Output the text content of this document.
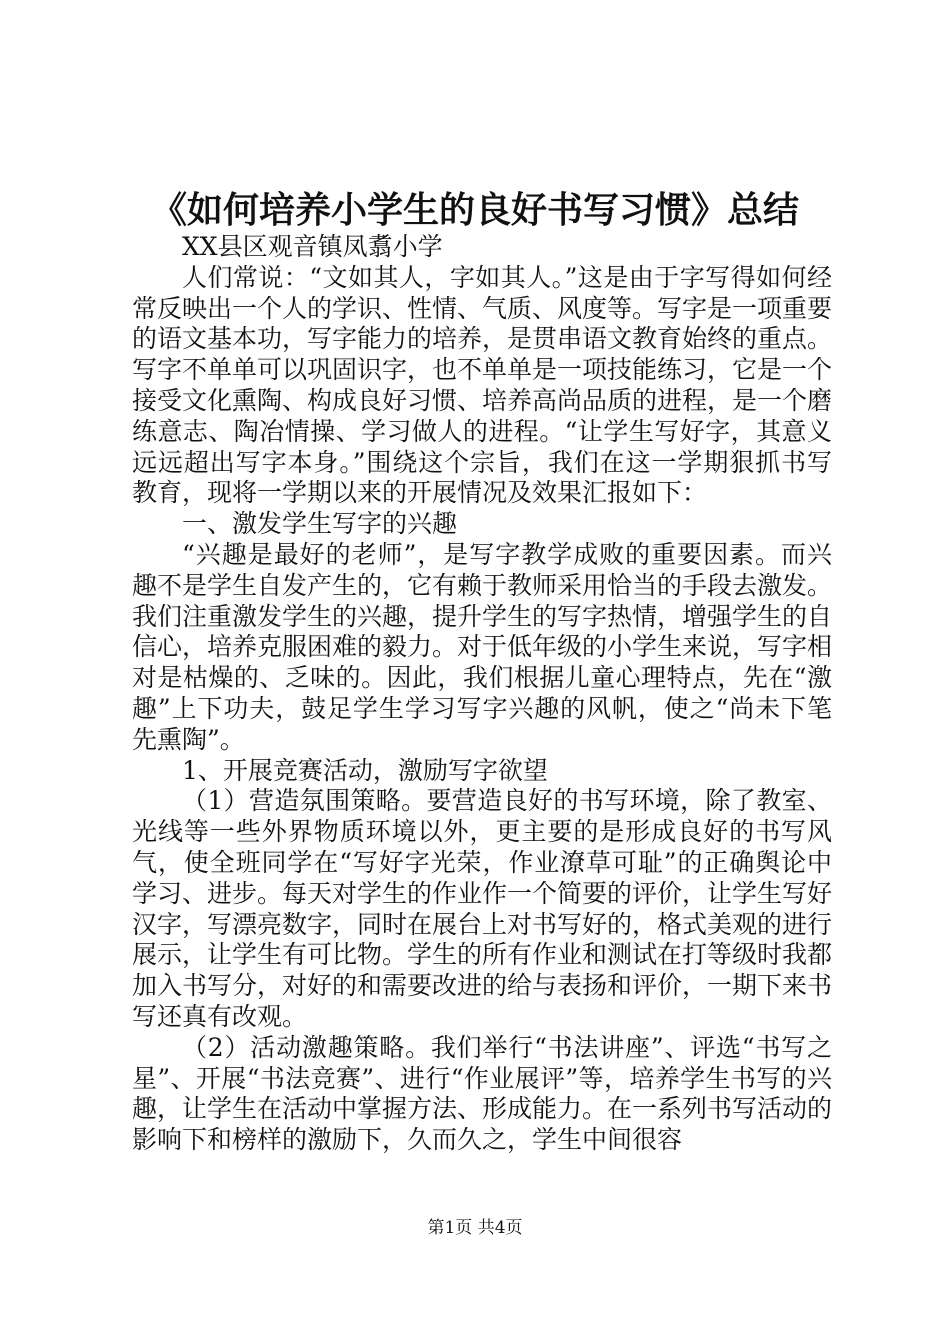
《如何培养小学生的良好书写习惯》总结

XX县区观音镇凤翥小学

人们常说：“文如其人，字如其人。”这是由于字写得如何经常反映出一个人的学识、性情、气质、风度等。写字是一项重要的语文基本功，写字能力的培养，是贯串语文教育始终的重点。写字不单单可以巩固识字，也不单单是一项技能练习，它是一个接受文化熏陶、构成良好习惯、培养高尚品质的进程，是一个磨练意志、陶冶情操、学习做人的进程。“让学生写好字，其意义远远超出写字本身。”围绕这个宗旨，我们在这一学期狠抓书写教育，现将一学期以来的开展情况及效果汇报如下：

一、激发学生写字的兴趣

“兴趣是最好的老师”，是写字教学成败的重要因素。而兴趣不是学生自发产生的，它有赖于教师采用恰当的手段去激发。我们注重激发学生的兴趣，提升学生的写字热情，增强学生的自信心，培养克服困难的毅力。对于低年级的小学生来说，写字相对是枯燥的、乏味的。因此，我们根据儿童心理特点，先在“激趣”上下功夫，鼓足学生学习写字兴趣的风帆，使之“尚未下笔先熏陶”。

1、开展竞赛活动，激励写字欲望

（1）营造氛围策略。要营造良好的书写环境，除了教室、光线等一些外界物质环境以外，更主要的是形成良好的书写风气，使全班同学在“写好字光荣，作业潦草可耻”的正确舆论中学习、进步。每天对学生的作业作一个简要的评价，让学生写好汉字，写漂亮数字，同时在展台上对书写好的，格式美观的进行展示，让学生有可比物。学生的所有作业和测试在打等级时我都加入书写分，对好的和需要改进的给与表扬和评价，一期下来书写还真有改观。

（2）活动激趣策略。我们举行“书法讲座”、评选“书写之星”、开展“书法竞赛”、进行“作业展评”等，培养学生书写的兴趣，让学生在活动中掌握方法、形成能力。在一系列书写活动的影响下和榜样的激励下，久而久之，学生中间很容

第1页 共4页
